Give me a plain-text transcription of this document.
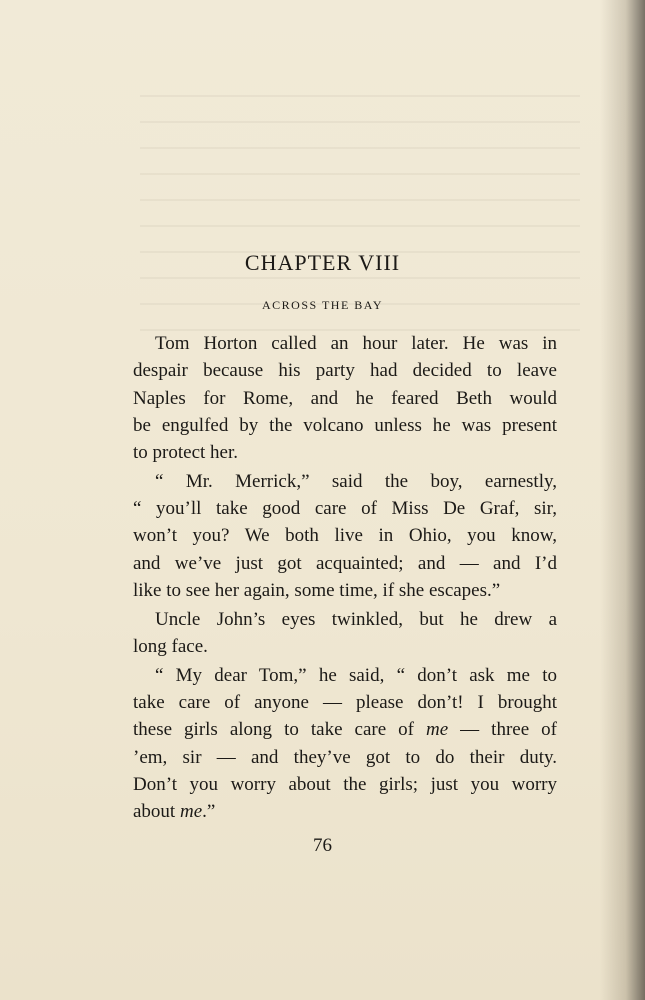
CHAPTER VIII
ACROSS THE BAY
Tom Horton called an hour later. He was in
despair because his party had decided to leave
Naples for Rome, and he feared Beth would
be engulfed by the volcano unless he was present
to protect her.
“ Mr. Merrick,” said the boy, earnestly,
“ you’ll take good care of Miss De Graf, sir,
won’t you? We both live in Ohio, you know,
and we’ve just got acquainted; and — and I’d
like to see her again, some time, if she escapes.”
Uncle John’s eyes twinkled, but he drew a
long face.
“ My dear Tom,” he said, “ don’t ask me to
take care of anyone — please don’t! I brought
these girls along to take care of me — three of
’em, sir — and they’ve got to do their duty.
Don’t you worry about the girls; just you worry
about me.”
76
